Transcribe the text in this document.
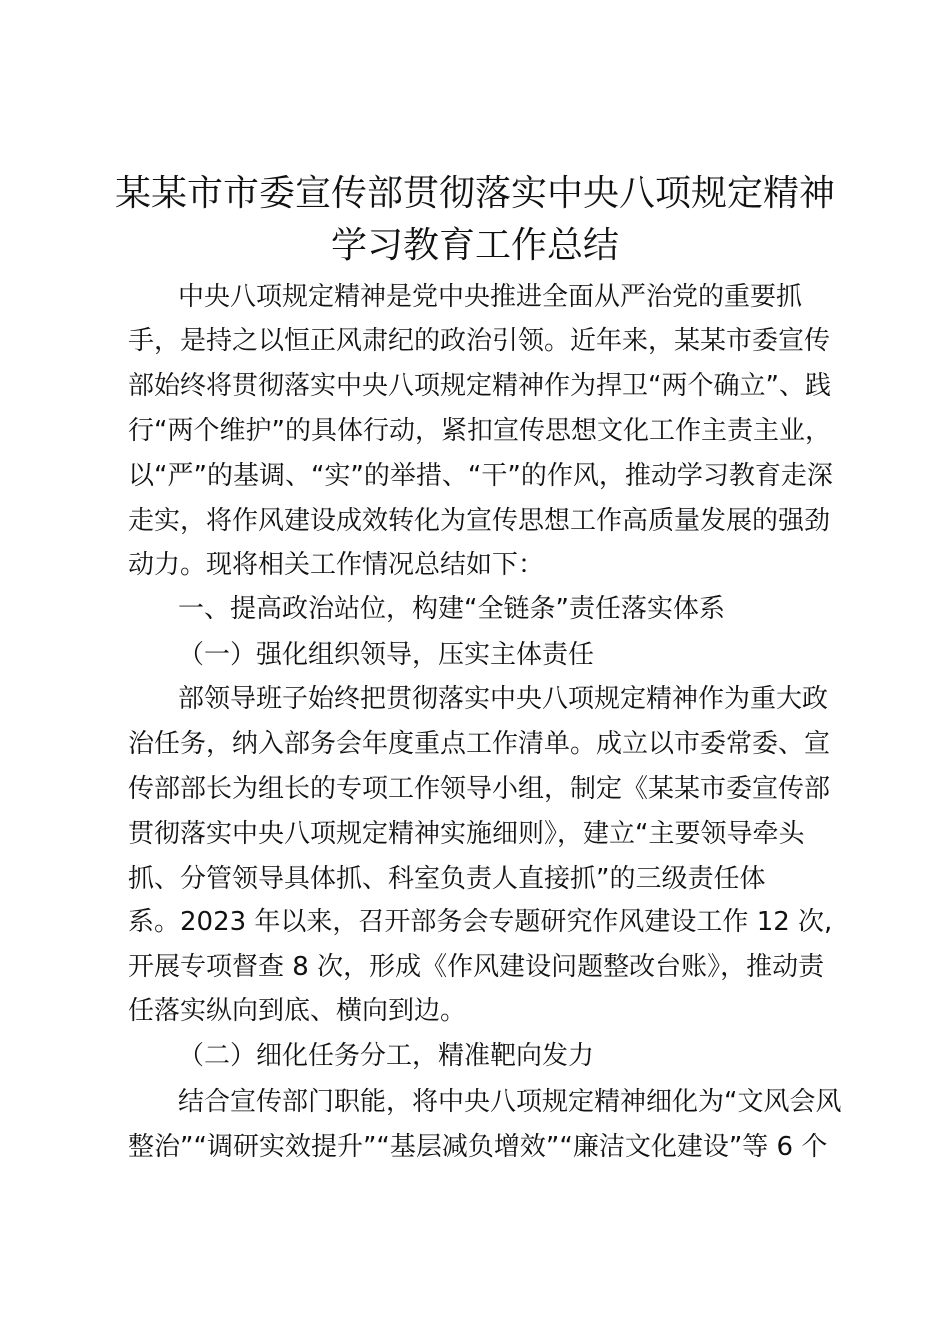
某某市市委宣传部贯彻落实中央八项规定精神
学习教育工作总结
中央八项规定精神是党中央推进全面从严治党的重要抓
手，是持之以恒正风肃纪的政治引领。近年来，某某市委宣传
部始终将贯彻落实中央八项规定精神作为捍卫“两个确立”、践
行“两个维护”的具体行动，紧扣宣传思想文化工作主责主业，
以“严”的基调、“实”的举措、“干”的作风，推动学习教育走深
走实，将作风建设成效转化为宣传思想工作高质量发展的强劲
动力。现将相关工作情况总结如下：
一、提高政治站位，构建“全链条”责任落实体系
（一）强化组织领导，压实主体责任
部领导班子始终把贯彻落实中央八项规定精神作为重大政
治任务，纳入部务会年度重点工作清单。成立以市委常委、宣
传部部长为组长的专项工作领导小组，制定《某某市委宣传部
贯彻落实中央八项规定精神实施细则》，建立“主要领导牵头
抓、分管领导具体抓、科室负责人直接抓”的三级责任体
系。2023 年以来，召开部务会专题研究作风建设工作 12 次,
开展专项督查 8 次，形成《作风建设问题整改台账》，推动责
任落实纵向到底、横向到边。
（二）细化任务分工，精准靶向发力
结合宣传部门职能，将中央八项规定精神细化为“文风会风
整治”“调研实效提升”“基层减负增效”“廉洁文化建设”等 6 个
